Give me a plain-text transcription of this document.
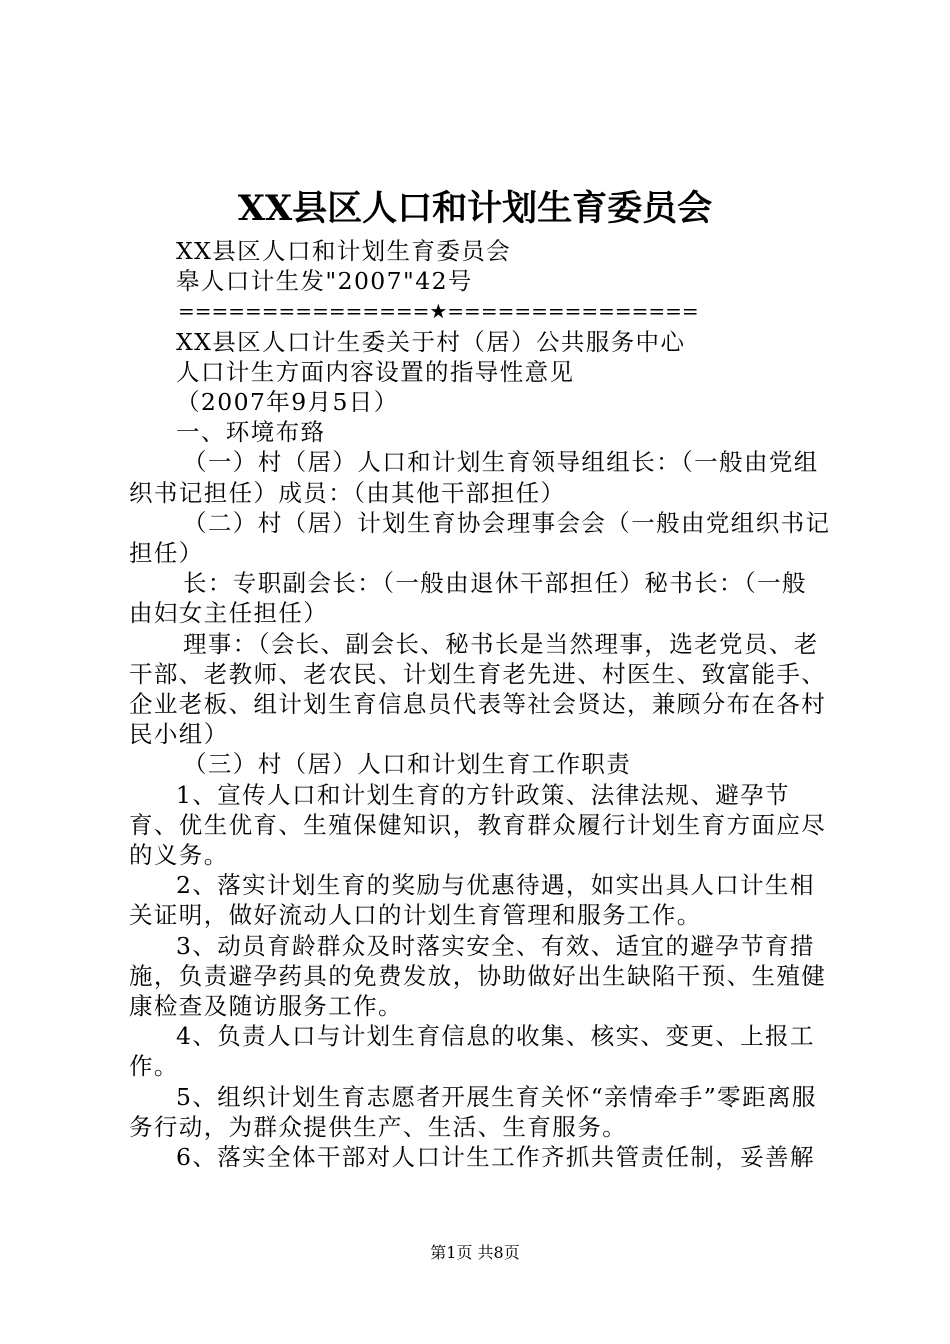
XX县区人口和计划生育委员会

XX县区人口和计划生育委员会

皋人口计生发"2007"42号

===============★===============

XX县区人口计生委关于村（居）公共服务中心

人口计生方面内容设置的指导性意见

（2007年9月5日）

一、环境布臵

（一）村（居）人口和计划生育领导组组长：（一般由党组织书记担任）成员：（由其他干部担任）

（二）村（居）计划生育协会理事会会（一般由党组织书记担任）

长：专职副会长：（一般由退休干部担任）秘书长：（一般由妇女主任担任）

理事：（会长、副会长、秘书长是当然理事，选老党员、老干部、老教师、老农民、计划生育老先进、村医生、致富能手、企业老板、组计划生育信息员代表等社会贤达，兼顾分布在各村民小组）

（三）村（居）人口和计划生育工作职责

1、宣传人口和计划生育的方针政策、法律法规、避孕节育、优生优育、生殖保健知识，教育群众履行计划生育方面应尽的义务。

2、落实计划生育的奖励与优惠待遇，如实出具人口计生相关证明，做好流动人口的计划生育管理和服务工作。

3、动员育龄群众及时落实安全、有效、适宜的避孕节育措施，负责避孕药具的免费发放，协助做好出生缺陷干预、生殖健康检查及随访服务工作。

4、负责人口与计划生育信息的收集、核实、变更、上报工作。

5、组织计划生育志愿者开展生育关怀“亲情牵手”零距离服务行动，为群众提供生产、生活、生育服务。

6、落实全体干部对人口计生工作齐抓共管责任制，妥善解

第1页 共8页
